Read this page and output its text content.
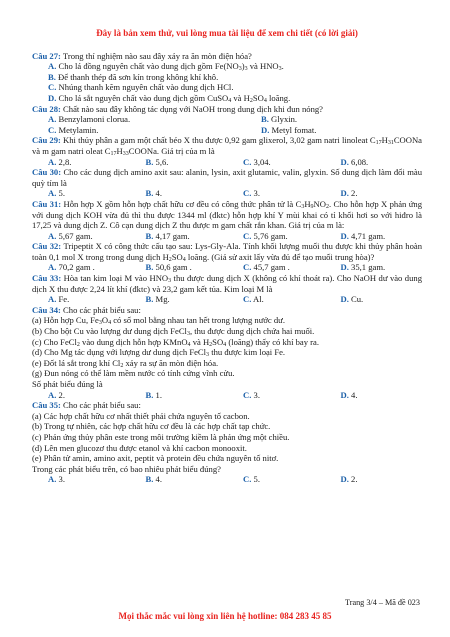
Đây là bản xem thử, vui lòng mua tài liệu để xem chi tiết (có lời giải)
Câu 27: Trong thí nghiệm nào sau đây xảy ra ăn mòn điện hóa?
A. Cho lá đồng nguyên chất vào dung dịch gồm $Fe(NO_3)_3$ và $HNO_3$.
B. Để thanh thép đã sơn kín trong không khí khô.
C. Nhúng thanh kẽm nguyên chất vào dung dịch HCl.
D. Cho lá sắt nguyên chất vào dung dịch gồm CuSO$_4$ và $H_2SO_4$ loãng.
Câu 28: Chất nào sau đây không tác dụng với NaOH trong dung dịch khi đun nóng?
A. Benzylamoni clorua.	B. Glyxin.
C. Metylamin.	D. Metyl fomat.
Câu 29: Khi thủy phân a gam một chất béo X thu được 0,92 gam glixerol, 3,02 gam natri linoleat $C_{17}H_{31}COONa$ và m gam natri oleat $C_{17}H_{33}COONa$. Giá trị của m là
A. 2,8.	B. 5,6.	C. 3,04.	D. 6,08.
Câu 30: Cho các dung dịch amino axit sau: alanin, lysin, axit glutamic, valin, glyxin. Số dung dịch làm đổi màu quỳ tím là
A. 5.	B. 4.	C. 3.	D. 2.
Câu 31: Hỗn hợp X gồm hỗn hợp chất hữu cơ đều có công thức phân tử là $C_3H_9NO_2$. Cho hỗn hợp X phản ứng với dung dịch KOH vừa đủ thì thu được 1344 ml (đktc) hỗn hợp khí Y mùi khai có tỉ khối hơi so với hiđro là 17,25 và dung dịch Z. Cô cạn dung dịch Z thu được m gam chất rắn khan. Giá trị của m là:
A. 5,67 gam.	B. 4,17 gam.	C. 5,76 gam.	D. 4,71 gam.
Câu 32: Tripeptit X có công thức cấu tạo sau: Lys-Gly-Ala. Tính khối lượng muối thu được khi thủy phân hoàn toàn 0,1 mol X trong trong dung dịch $H_2SO_4$ loãng. (Giả sử axit lấy vừa đủ để tạo muối trung hòa)?
A. 70,2 gam .	B. 50,6 gam .	C. 45,7 gam .	D. 35,1 gam.
Câu 33: Hòa tan kim loại M vào $HNO_3$ thu được dung dịch X (không có khí thoát ra). Cho NaOH dư vào dung dịch X thu được 2,24 lít khí (đktc) và 23,2 gam kết tủa. Kim loại M là
A. Fe.	B. Mg.	C. Al.	D. Cu.
Câu 34: Cho các phát biểu sau:
(a) Hỗn hợp Cu, $Fe_3O_4$ có số mol bằng nhau tan hết trong lượng nước dư.
(b) Cho bột Cu vào lượng dư dung dịch FeCl$_3$, thu được dung dịch chứa hai muối.
(c) Cho FeCl$_2$ vào dung dịch hỗn hợp KMnO$_4$ và $H_2SO_4$ (loãng) thấy có khí bay ra.
(d) Cho Mg tác dụng với lượng dư dung dịch FeCl$_3$ thu được kim loại Fe.
(e) Đốt lá sắt trong khí $Cl_2$ xảy ra sự ăn mòn điện hóa.
(g) Đun nóng có thể làm mềm nước có tính cứng vĩnh cửu.
Số phát biểu đúng là
A. 2.	B. 1.	C. 3.	D. 4.
Câu 35: Cho các phát biểu sau:
(a) Các hợp chất hữu cơ nhất thiết phải chứa nguyên tố cacbon.
(b) Trong tự nhiên, các hợp chất hữu cơ đều là các hợp chất tạp chức.
(c) Phản ứng thủy phân este trong môi trường kiềm là phản ứng một chiều.
(d) Lên men glucozơ thu được etanol và khí cacbon monooxit.
(e) Phân tử amin, amino axit, peptit và protein đều chứa nguyên tố nitơ.
Trong các phát biểu trên, có bao nhiêu phát biểu đúng?
A. 3.	B. 4.	C. 5.	D. 2.
Trang 3/4 – Mã đề 023
Mọi thắc mắc vui lòng xin liên hệ hotline: 084 283 45 85
